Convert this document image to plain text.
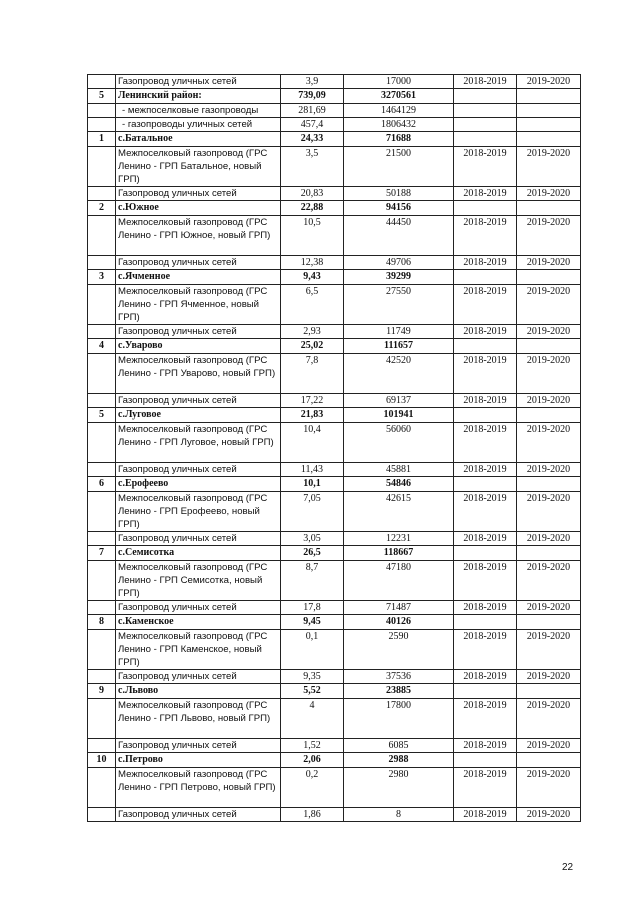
	Газопровод уличных сетей	3,9	17000	2018-2019	2019-2020
5	Ленинский район:	739,09	3270561		
	- межпоселковые газопроводы	281,69	1464129		
	- газопроводы уличных сетей	457,4	1806432		
1	с.Батальное	24,33	71688		
	Межпоселковый газопровод (ГРС Ленино - ГРП Батальное, новый ГРП)	3,5	21500	2018-2019	2019-2020
	Газопровод уличных сетей	20,83	50188	2018-2019	2019-2020
2	с.Южное	22,88	94156		
	Межпоселковый газопровод (ГРС Ленино - ГРП Южное, новый ГРП)	10,5	44450	2018-2019	2019-2020
	Газопровод уличных сетей	12,38	49706	2018-2019	2019-2020
3	с.Ячменное	9,43	39299		
	Межпоселковый газопровод (ГРС Ленино - ГРП Ячменное, новый ГРП)	6,5	27550	2018-2019	2019-2020
	Газопровод уличных сетей	2,93	11749	2018-2019	2019-2020
4	с.Уварово	25,02	111657		
	Межпоселковый газопровод (ГРС Ленино - ГРП Уварово, новый ГРП)	7,8	42520	2018-2019	2019-2020
	Газопровод уличных сетей	17,22	69137	2018-2019	2019-2020
5	с.Луговое	21,83	101941		
	Межпоселковый газопровод (ГРС Ленино - ГРП Луговое, новый ГРП)	10,4	56060	2018-2019	2019-2020
	Газопровод уличных сетей	11,43	45881	2018-2019	2019-2020
6	с.Ерофеево	10,1	54846		
	Межпоселковый газопровод (ГРС Ленино - ГРП Ерофеево, новый ГРП)	7,05	42615	2018-2019	2019-2020
	Газопровод уличных сетей	3,05	12231	2018-2019	2019-2020
7	с.Семисотка	26,5	118667		
	Межпоселковый газопровод (ГРС Ленино - ГРП Семисотка, новый ГРП)	8,7	47180	2018-2019	2019-2020
	Газопровод уличных сетей	17,8	71487	2018-2019	2019-2020
8	с.Каменское	9,45	40126		
	Межпоселковый газопровод (ГРС Ленино - ГРП Каменское, новый ГРП)	0,1	2590	2018-2019	2019-2020
	Газопровод уличных сетей	9,35	37536	2018-2019	2019-2020
9	с.Львово	5,52	23885		
	Межпоселковый газопровод (ГРС Ленино - ГРП Львово, новый ГРП)	4	17800	2018-2019	2019-2020
	Газопровод уличных сетей	1,52	6085	2018-2019	2019-2020
10	с.Петрово	2,06	2988		
	Межпоселковый газопровод (ГРС Ленино - ГРП Петрово, новый ГРП)	0,2	2980	2018-2019	2019-2020
	Газопровод уличных сетей	1,86	8	2018-2019	2019-2020
22
